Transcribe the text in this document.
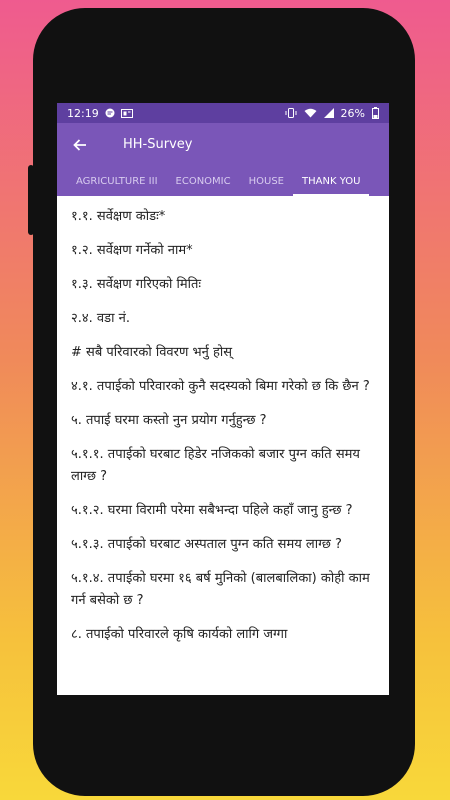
12:19	26%
HH-Survey
AGRICULTURE III	ECONOMIC	HOUSE	THANK YOU
१.१. सर्वेक्षण कोडः*
१.२. सर्वेक्षण गर्नेको नाम*
१.३. सर्वेक्षण गरिएको मितिः
२.४. वडा नं.
# सबै परिवारको विवरण भर्नु होस्
४.१. तपाईको परिवारको कुनै सदस्यको बिमा गरेको छ कि छैन ?
५. तपाई घरमा कस्तो नुन प्रयोग गर्नुहुन्छ ?
५.१.१. तपाईको घरबाट हिडेर नजिकको बजार पुग्न कति समय लाग्छ ?
५.१.२. घरमा विरामी परेमा सबैभन्दा पहिले कहाँ जानु हुन्छ ?
५.१.३. तपाईको घरबाट अस्पताल पुग्न कति समय लाग्छ ?
५.१.४. तपाईको घरमा १६ बर्ष मुनिको (बालबालिका) कोही काम गर्न बसेको छ ?
८. तपाईको परिवारले कृषि कार्यको लागि जग्गा
